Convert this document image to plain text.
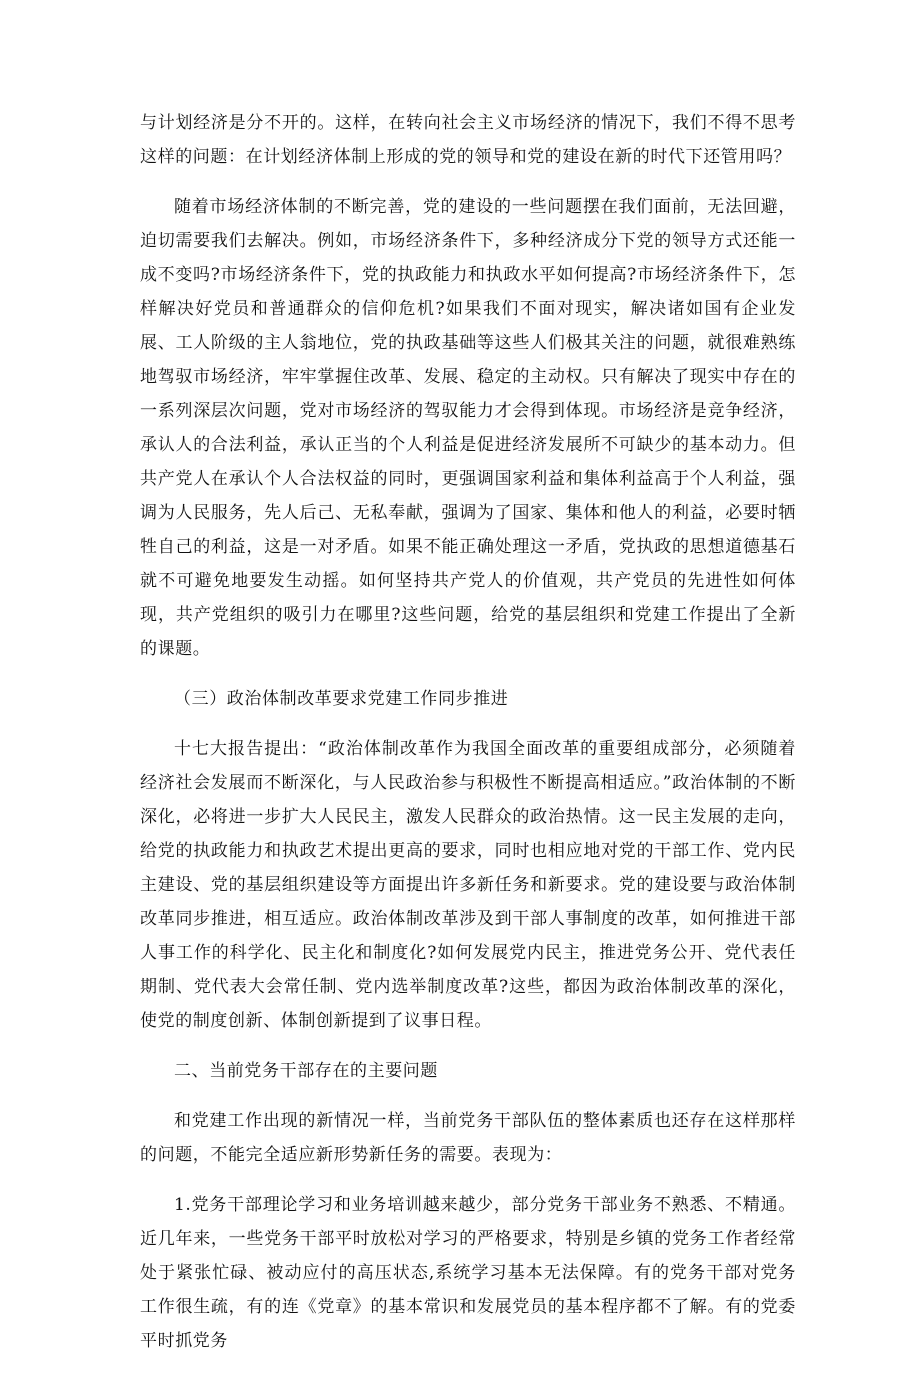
与计划经济是分不开的。这样，在转向社会主义市场经济的情况下，我们不得不思考这样的问题：在计划经济体制上形成的党的领导和党的建设在新的时代下还管用吗？

随着市场经济体制的不断完善，党的建设的一些问题摆在我们面前，无法回避，迫切需要我们去解决。例如，市场经济条件下，多种经济成分下党的领导方式还能一成不变吗?市场经济条件下，党的执政能力和执政水平如何提高?市场经济条件下，怎样解决好党员和普通群众的信仰危机?如果我们不面对现实，解决诸如国有企业发展、工人阶级的主人翁地位，党的执政基础等这些人们极其关注的问题，就很难熟练地驾驭市场经济，牢牢掌握住改革、发展、稳定的主动权。只有解决了现实中存在的一系列深层次问题，党对市场经济的驾驭能力才会得到体现。市场经济是竞争经济，承认人的合法利益，承认正当的个人利益是促进经济发展所不可缺少的基本动力。但共产党人在承认个人合法权益的同时，更强调国家利益和集体利益高于个人利益，强调为人民服务，先人后己、无私奉献，强调为了国家、集体和他人的利益，必要时牺牲自己的利益，这是一对矛盾。如果不能正确处理这一矛盾，党执政的思想道德基石就不可避免地要发生动摇。如何坚持共产党人的价值观，共产党员的先进性如何体现，共产党组织的吸引力在哪里?这些问题，给党的基层组织和党建工作提出了全新的课题。

（三）政治体制改革要求党建工作同步推进

十七大报告提出：“政治体制改革作为我国全面改革的重要组成部分，必须随着经济社会发展而不断深化，与人民政治参与积极性不断提高相适应。”政治体制的不断深化，必将进一步扩大人民民主，激发人民群众的政治热情。这一民主发展的走向，给党的执政能力和执政艺术提出更高的要求，同时也相应地对党的干部工作、党内民主建设、党的基层组织建设等方面提出许多新任务和新要求。党的建设要与政治体制改革同步推进，相互适应。政治体制改革涉及到干部人事制度的改革，如何推进干部人事工作的科学化、民主化和制度化?如何发展党内民主，推进党务公开、党代表任期制、党代表大会常任制、党内选举制度改革?这些，都因为政治体制改革的深化，使党的制度创新、体制创新提到了议事日程。

二、当前党务干部存在的主要问题

和党建工作出现的新情况一样，当前党务干部队伍的整体素质也还存在这样那样的问题，不能完全适应新形势新任务的需要。表现为：

1.党务干部理论学习和业务培训越来越少，部分党务干部业务不熟悉、不精通。近几年来，一些党务干部平时放松对学习的严格要求，特别是乡镇的党务工作者经常处于紧张忙碌、被动应付的高压状态,系统学习基本无法保障。有的党务干部对党务工作很生疏，有的连《党章》的基本常识和发展党员的基本程序都不了解。有的党委平时抓党务
